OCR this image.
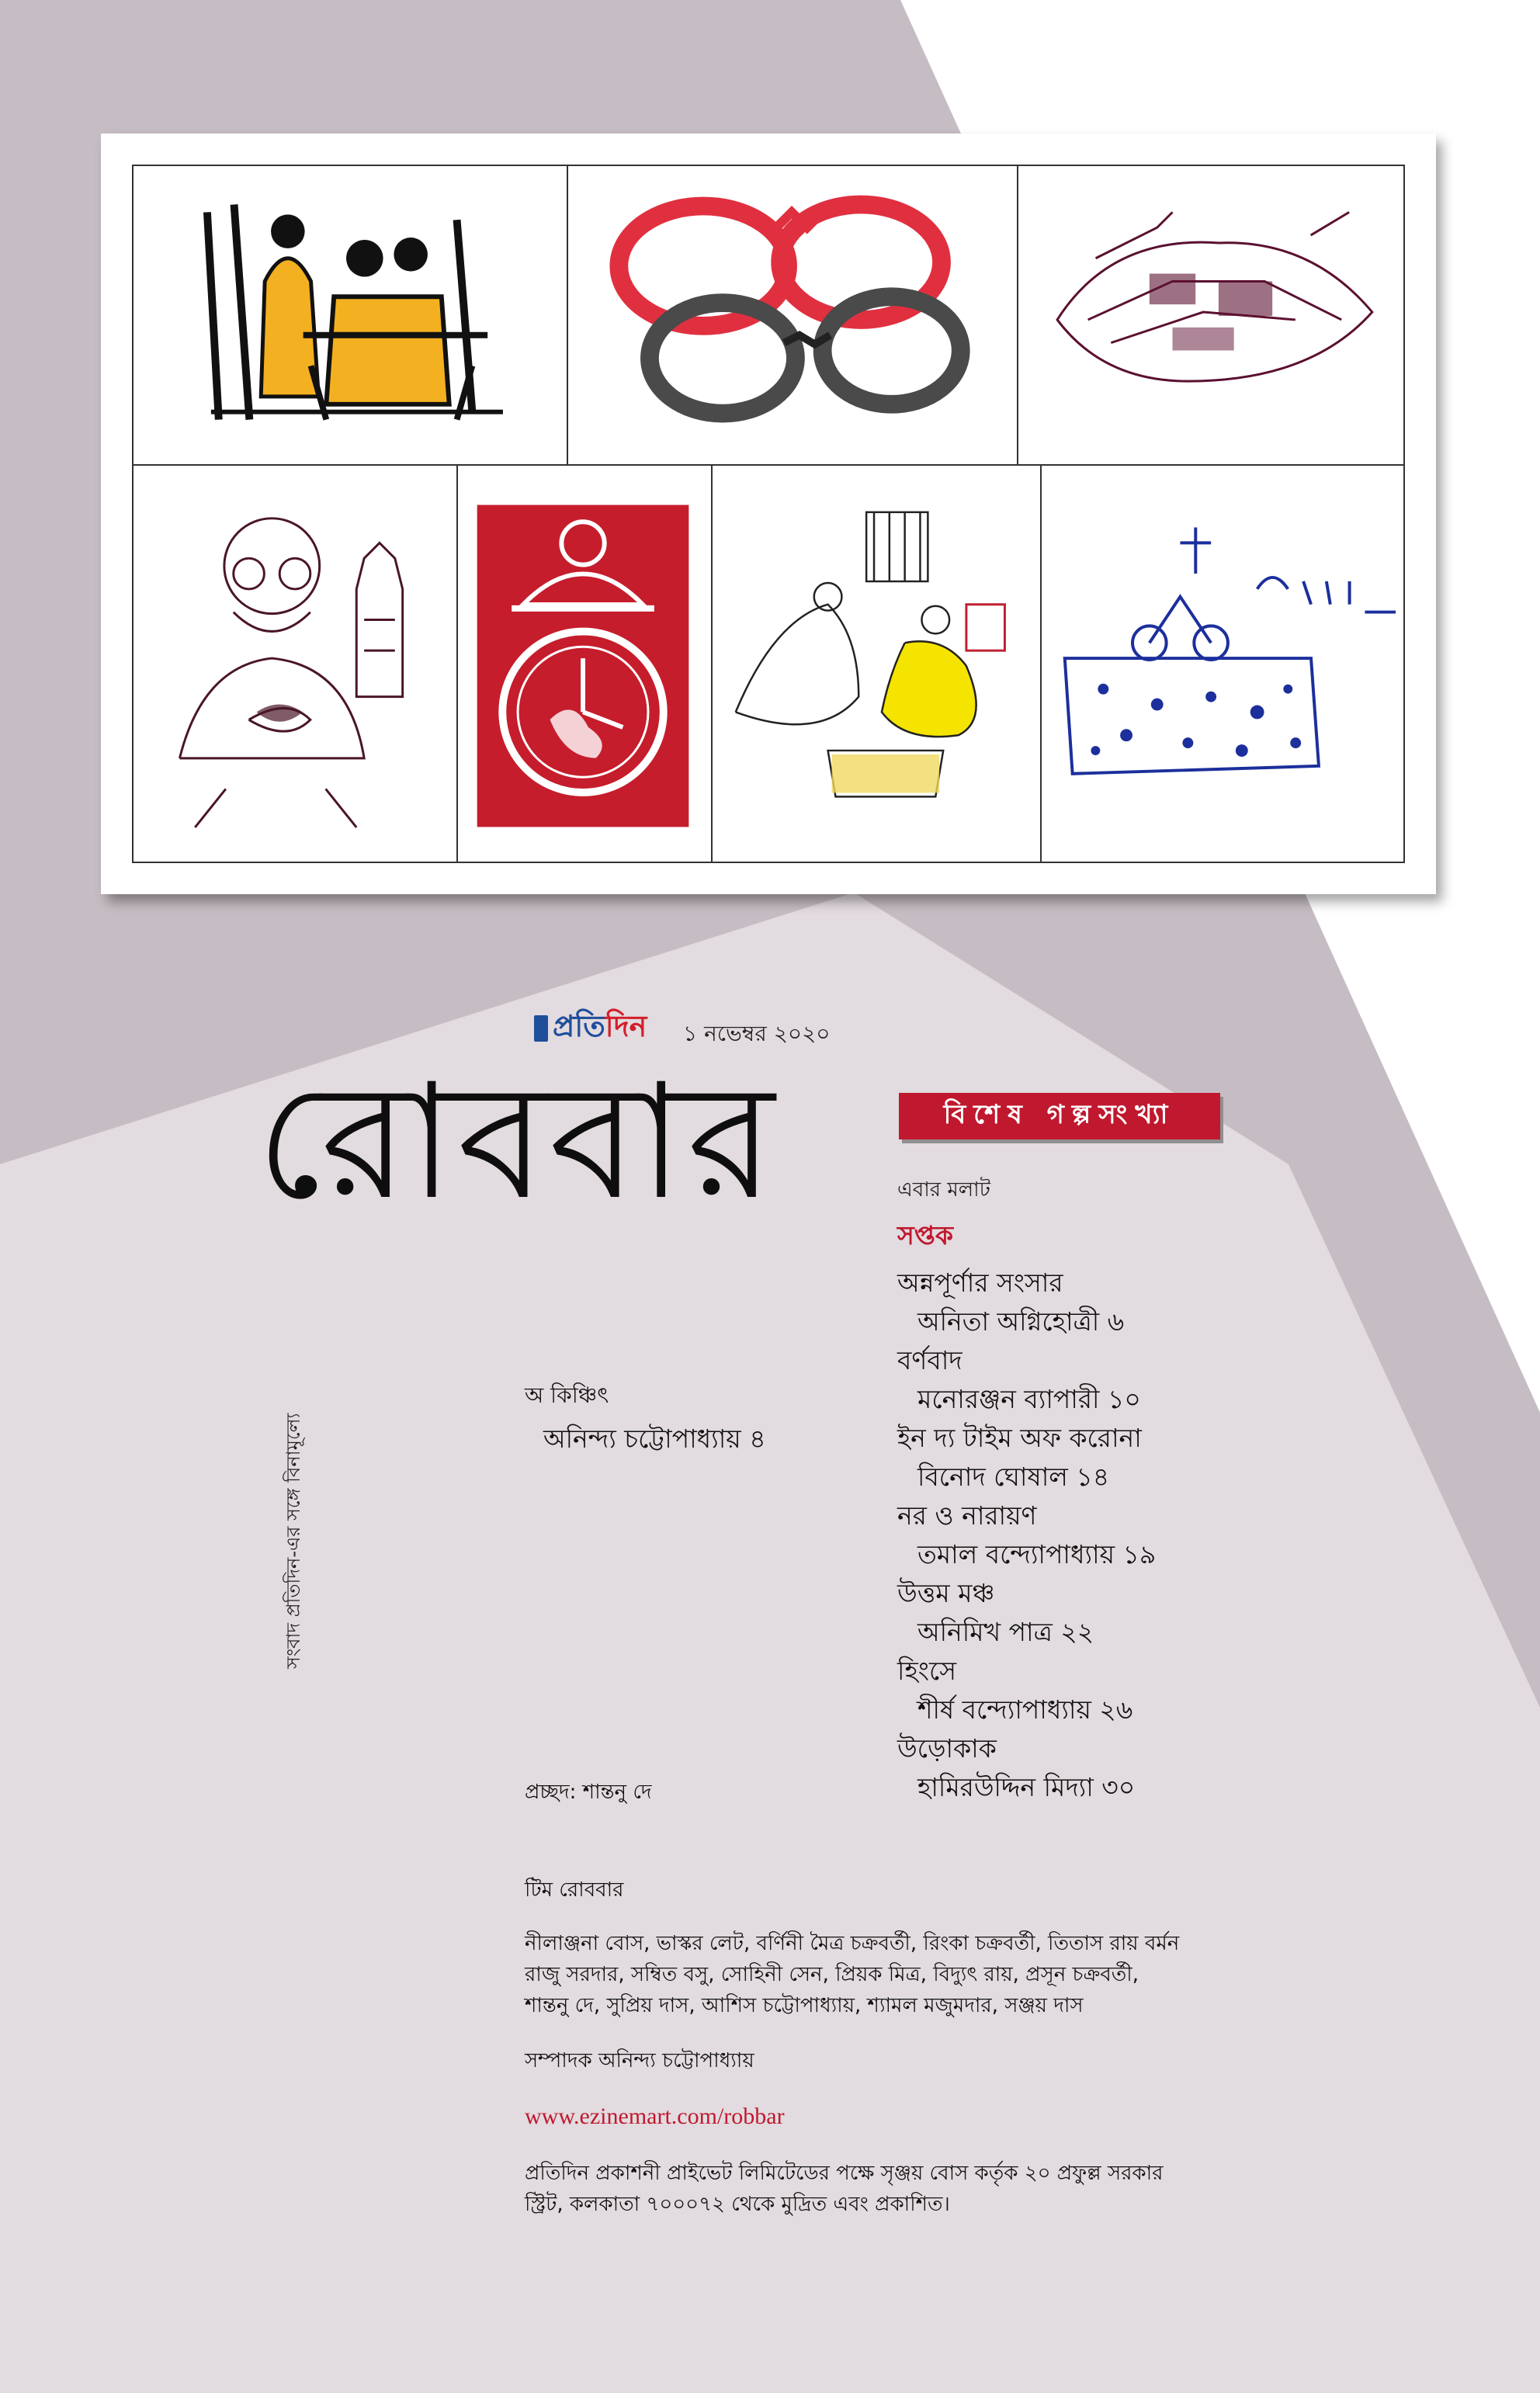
প্রতিদিন ১ নভেম্বর ২০২০
রোববার	বিশেষ গল্পসংখ্যা
এবার মলাট
সপ্তক
অন্নপূর্ণার সংসার
অনিতা অগ্নিহোত্রী ৬
বর্ণবাদ
মনোরঞ্জন ব্যাপারী ১০
ইন দ্য টাইম অফ করোনা
বিনোদ ঘোষাল ১৪
নর ও নারায়ণ
তমাল বন্দ্যোপাধ্যায় ১৯
উত্তম মঞ্চ
অনিমিখ পাত্র ২২
হিংসে
শীর্ষ বন্দ্যোপাধ্যায় ২৬
উড়োকাক
হামিরউদ্দিন মিদ্যা ৩০
অ কিঞ্চিৎ
অনিন্দ্য চট্টোপাধ্যায় ৪
সংবাদ প্রতিদিন-এর সঙ্গে বিনামূল্যে
প্রচ্ছদ: শান্তনু দে
টিম রোববার
নীলাঞ্জনা বোস, ভাস্কর লেট, বর্ণিনী মৈত্র চক্রবর্তী, রিংকা চক্রবর্তী, তিতাস রায় বর্মন
রাজু সরদার, সম্বিত বসু, সোহিনী সেন, প্রিয়ক মিত্র, বিদ্যুৎ রায়, প্রসূন চক্রবর্তী,
শান্তনু দে, সুপ্রিয় দাস, আশিস চট্টোপাধ্যায়, শ্যামল মজুমদার, সঞ্জয় দাস
সম্পাদক অনিন্দ্য চট্টোপাধ্যায়
www.ezinemart.com/robbar
প্রতিদিন প্রকাশনী প্রাইভেট লিমিটেডের পক্ষে সৃঞ্জয় বোস কর্তৃক ২০ প্রফুল্ল সরকার
স্ট্রিট, কলকাতা ৭০০০৭২ থেকে মুদ্রিত এবং প্রকাশিত।
